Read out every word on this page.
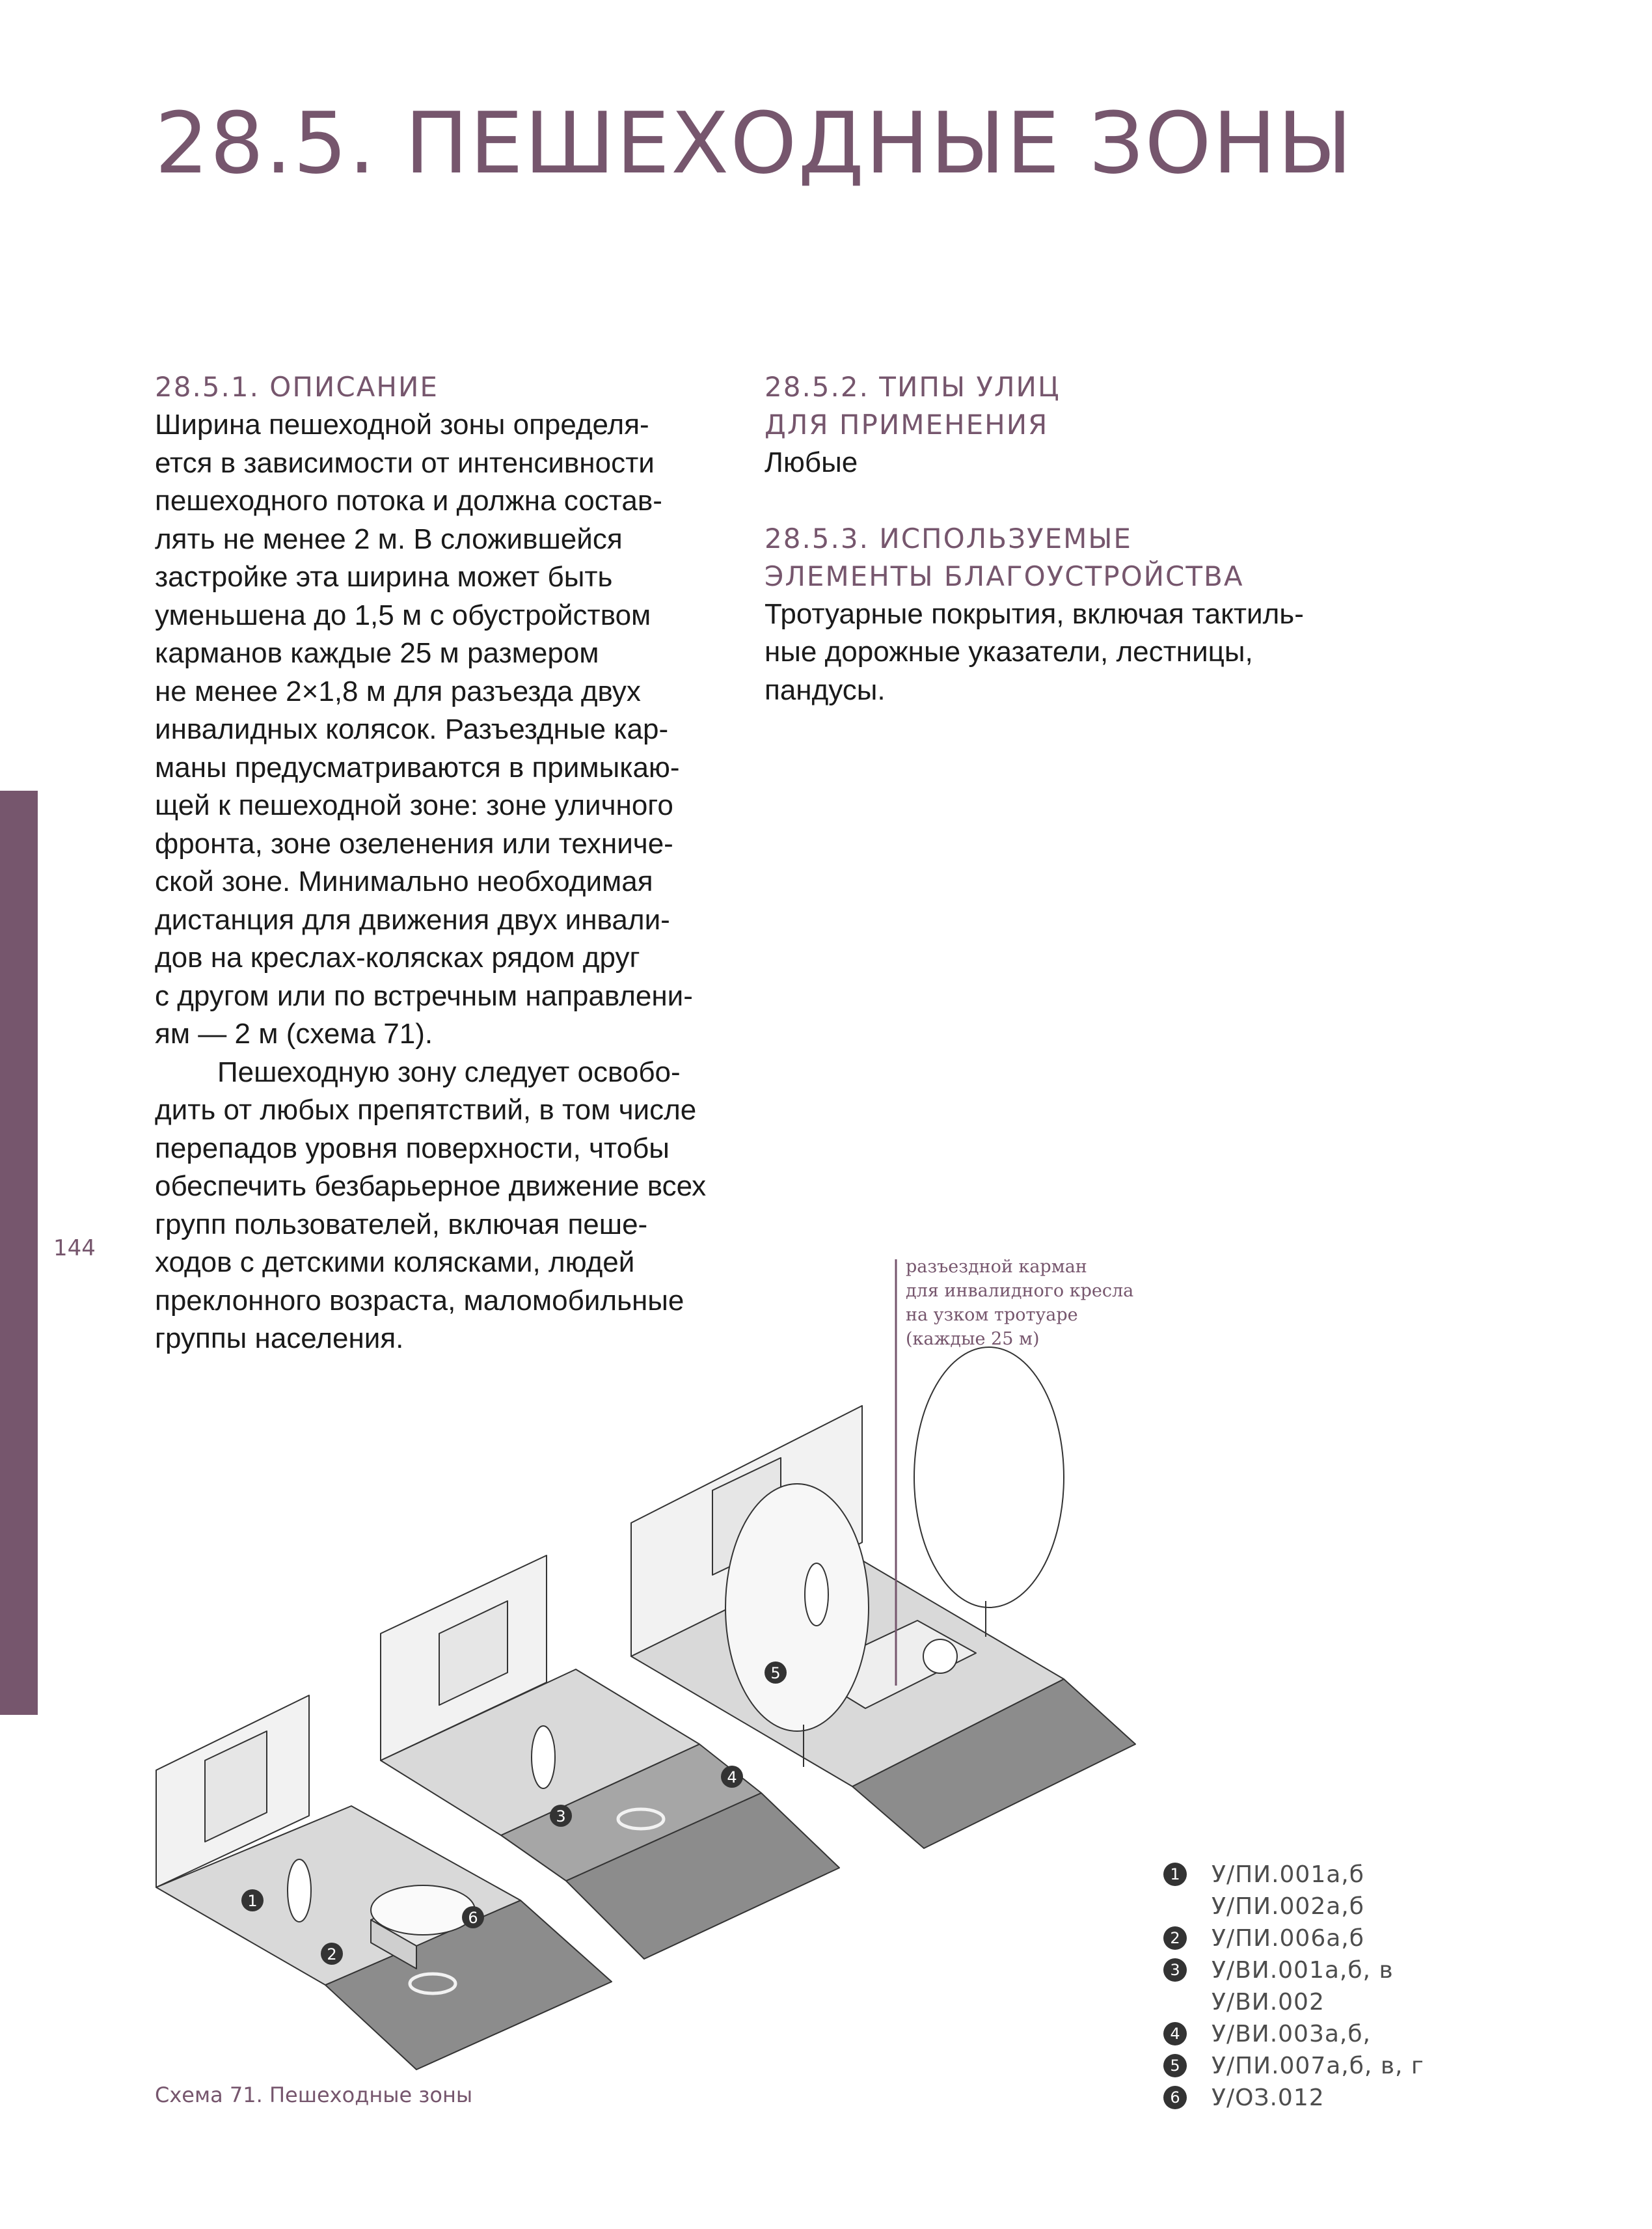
144
28.5. ПЕШЕХОДНЫЕ ЗОНЫ
28.5.1. ОПИСАНИЕ
Ширина пешеходной зоны определя-
ется в зависимости от интенсивности
пешеходного потока и должна состав-
лять не менее 2 м. В сложившейся
застройке эта ширина может быть
уменьшена до 1,5 м с обустройством
карманов каждые 25 м размером
не менее 2×1,8 м для разъезда двух
инвалидных колясок. Разъездные кар-
маны предусматриваются в примыкаю-
щей к пешеходной зоне: зоне уличного
фронта, зоне озеленения или техниче-
ской зоне. Минимально необходимая
дистанция для движения двух инвали-
дов на креслах-колясках рядом друг
с другом или по встречным направлени-
ям — 2 м (схема 71).
Пешеходную зону следует освобо-
дить от любых препятствий, в том числе
перепадов уровня поверхности, чтобы
обеспечить безбарьерное движение всех
групп пользователей, включая пеше-
ходов с детскими колясками, людей
преклонного возраста, маломобильные
группы населения.
28.5.2. ТИПЫ УЛИЦ
ДЛЯ ПРИМЕНЕНИЯ
Любые
28.5.3. ИСПОЛЬЗУЕМЫЕ
ЭЛЕМЕНТЫ БЛАГОУСТРОЙСТВА
Тротуарные покрытия, включая тактиль-
ные дорожные указатели, лестницы,
пандусы.
1
2
3
4
5
6
разъездной карман
для инвалидного кресла
на узком тротуаре
(каждые 25 м)
1 У/ПИ.001а,б
У/ПИ.002а,б
2 У/ПИ.006а,б
3 У/ВИ.001а,б, в
У/ВИ.002
4 У/ВИ.003а,б,
5 У/ПИ.007а,б, в, г
6 У/ОЗ.012
Схема 71. Пешеходные зоны
